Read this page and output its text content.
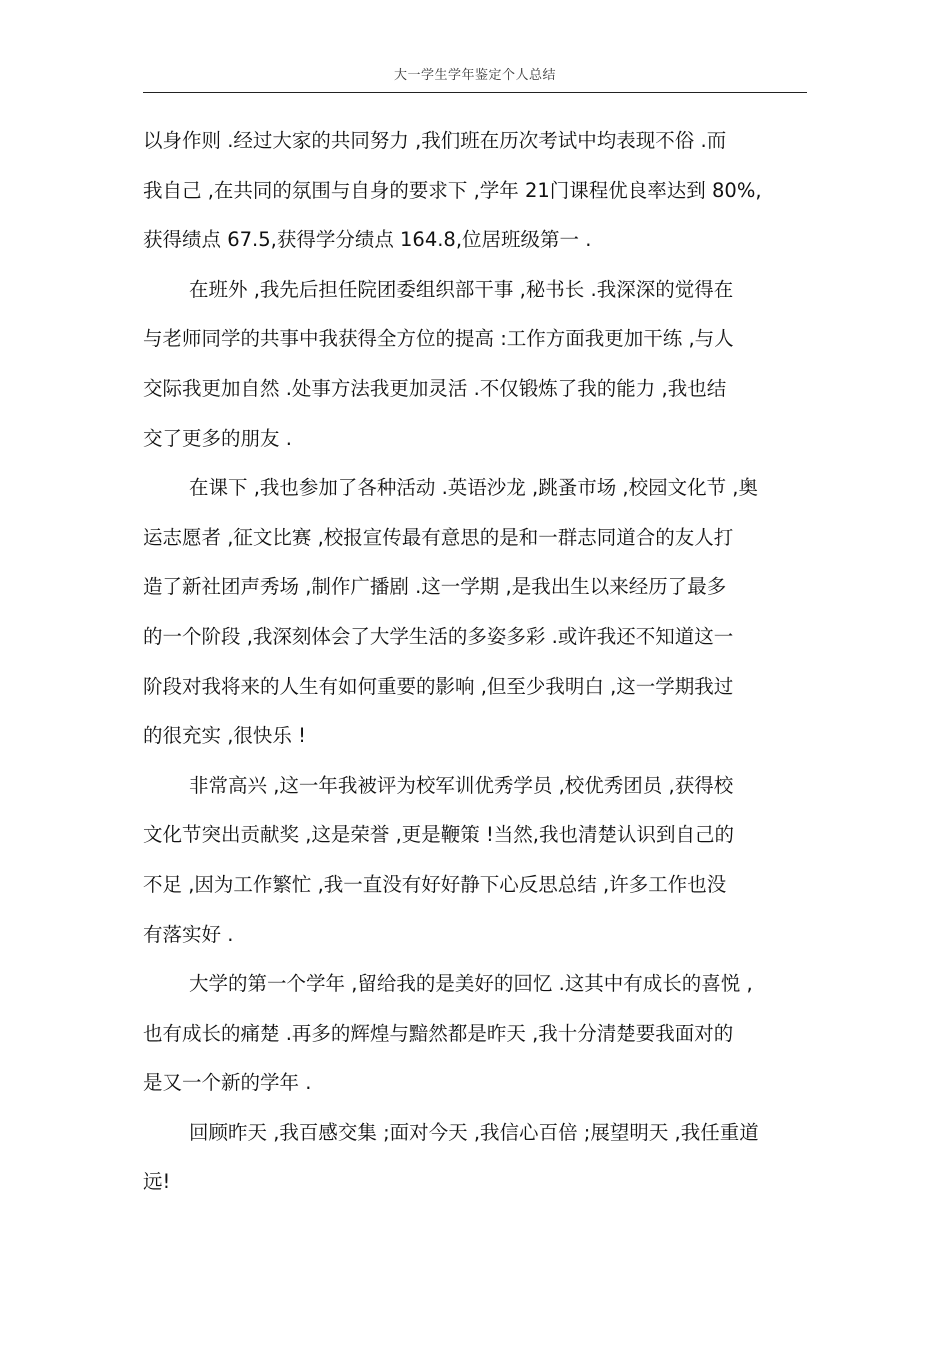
大一学生学年鉴定个人总结
以身作则 .经过大家的共同努力 ,我们班在历次考试中均表现不俗 .而
我自己 ,在共同的氛围与自身的要求下 ,学年 21门课程优良率达到 80%,
获得绩点 67.5,获得学分绩点 164.8,位居班级第一 .
在班外 ,我先后担任院团委组织部干事 ,秘书长 .我深深的觉得在
与老师同学的共事中我获得全方位的提高 :工作方面我更加干练 ,与人
交际我更加自然 .处事方法我更加灵活 .不仅锻炼了我的能力 ,我也结
交了更多的朋友 .
在课下 ,我也参加了各种活动 .英语沙龙 ,跳蚤市场 ,校园文化节 ,奥
运志愿者 ,征文比赛 ,校报宣传最有意思的是和一群志同道合的友人打
造了新社团声秀场 ,制作广播剧 .这一学期 ,是我出生以来经历了最多
的一个阶段 ,我深刻体会了大学生活的多姿多彩 .或许我还不知道这一
阶段对我将来的人生有如何重要的影响 ,但至少我明白 ,这一学期我过
的很充实 ,很快乐 !
非常高兴 ,这一年我被评为校军训优秀学员 ,校优秀团员 ,获得校
文化节突出贡献奖 ,这是荣誉 ,更是鞭策 !当然,我也清楚认识到自己的
不足 ,因为工作繁忙 ,我一直没有好好静下心反思总结 ,许多工作也没
有落实好 .
大学的第一个学年 ,留给我的是美好的回忆 .这其中有成长的喜悦 ,
也有成长的痛楚 .再多的辉煌与黯然都是昨天 ,我十分清楚要我面对的
是又一个新的学年 .
回顾昨天 ,我百感交集 ;面对今天 ,我信心百倍 ;展望明天 ,我任重道
远!
